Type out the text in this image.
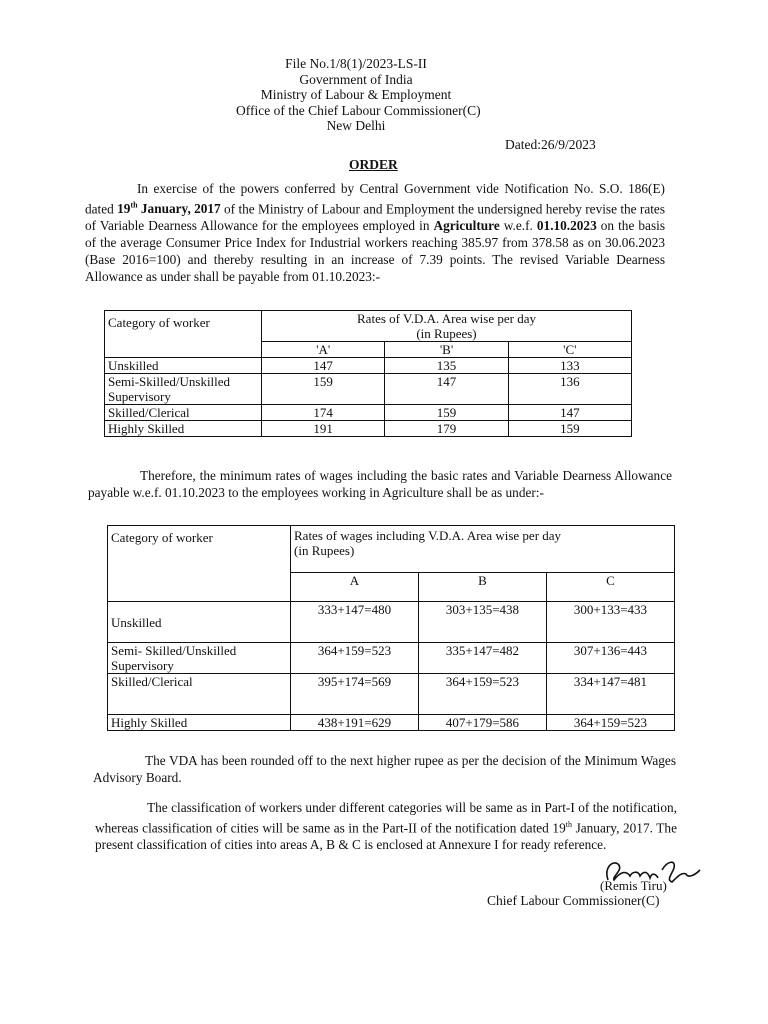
File No.1/8(1)/2023-LS-II
Government of India
Ministry of Labour & Employment
Office of the Chief Labour Commissioner(C)
New Delhi
Dated:26/9/2023
ORDER
In exercise of the powers conferred by Central Government vide Notification No. S.O. 186(E) dated 19th January, 2017 of the Ministry of Labour and Employment the undersigned hereby revise the rates of Variable Dearness Allowance for the employees employed in Agriculture w.e.f. 01.10.2023 on the basis of the average Consumer Price Index for Industrial workers reaching 385.97 from 378.58 as on 30.06.2023 (Base 2016=100) and thereby resulting in an increase of 7.39 points. The revised Variable Dearness Allowance as under shall be payable from 01.10.2023:-
Category of worker	Rates of V.D.A. Area wise per day
(in Rupees)		
	'A'	'B'	'C'
Unskilled	147	135	133
Semi-Skilled/Unskilled Supervisory	159	147	136
Skilled/Clerical	174	159	147
Highly Skilled	191	179	159
Therefore, the minimum rates of wages including the basic rates and Variable Dearness Allowance payable w.e.f. 01.10.2023 to the employees working in Agriculture shall be as under:-
Category of worker	Rates of wages including V.D.A. Area wise per day
(in Rupees)		
	A	B	C
Unskilled	333+147=480	303+135=438	300+133=433
Semi- Skilled/Unskilled Supervisory	364+159=523	335+147=482	307+136=443
Skilled/Clerical	395+174=569	364+159=523	334+147=481
Highly Skilled	438+191=629	407+179=586	364+159=523
The VDA has been rounded off to the next higher rupee as per the decision of the Minimum Wages Advisory Board.
The classification of workers under different categories will be same as in Part-I of the notification, whereas classification of cities will be same as in the Part-II of the notification dated 19th January, 2017. The present classification of cities into areas A, B & C is enclosed at Annexure I for ready reference.
(Remis Tiru)
Chief Labour Commissioner(C)
